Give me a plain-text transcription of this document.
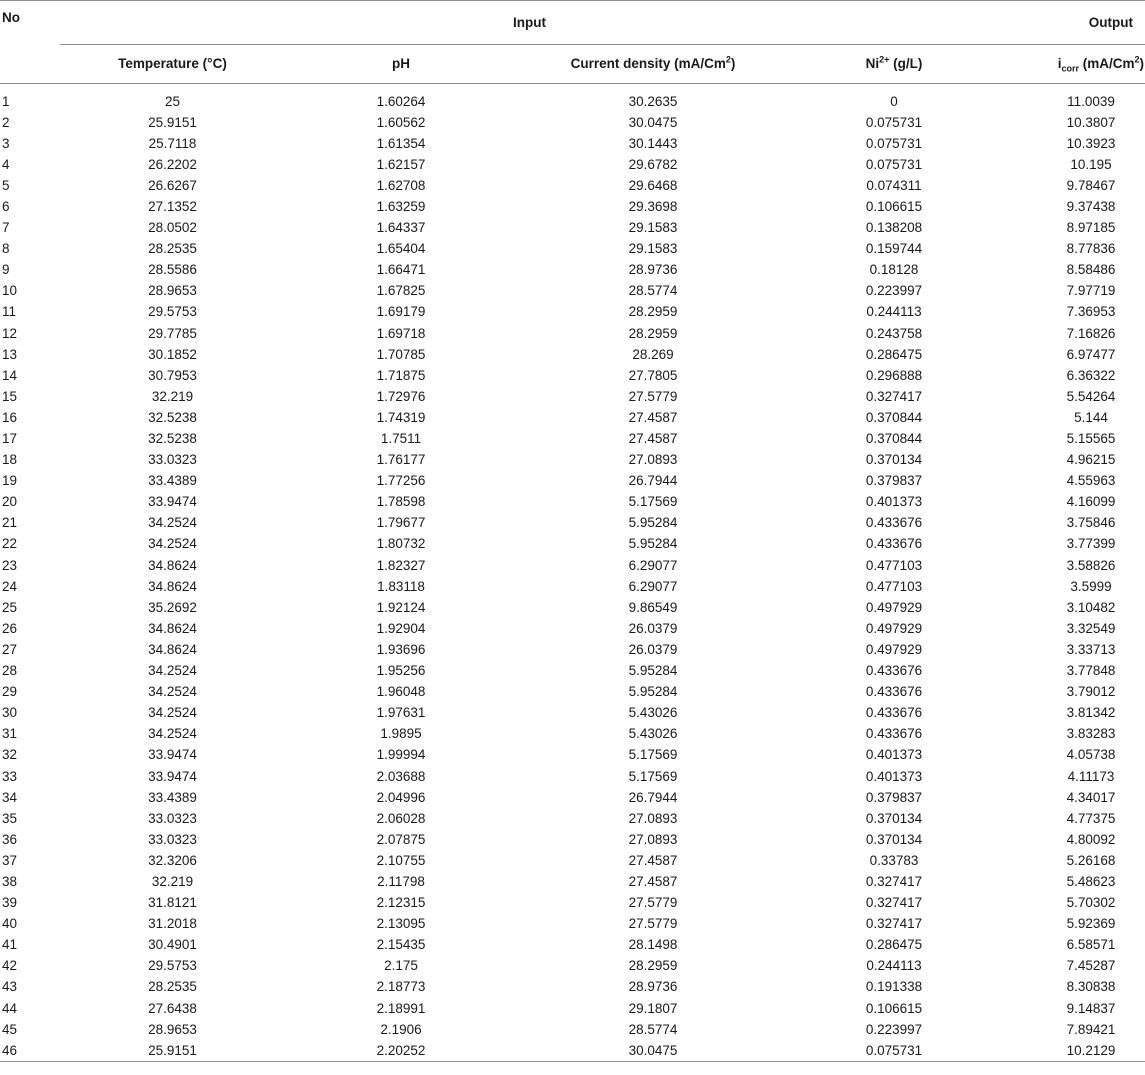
No	Input				Output
	Temperature (°C)	pH	Current density (mA/Cm$^2$)	$Ni^{2+}$ (g/L)	$i_{corr}$ (mA/Cm$^2$)

1	25	1.60264	30.2635	0	11.0039
2	25.9151	1.60562	30.0475	0.075731	10.3807
3	25.7118	1.61354	30.1443	0.075731	10.3923
4	26.2202	1.62157	29.6782	0.075731	10.195
5	26.6267	1.62708	29.6468	0.074311	9.78467
6	27.1352	1.63259	29.3698	0.106615	9.37438
7	28.0502	1.64337	29.1583	0.138208	8.97185
8	28.2535	1.65404	29.1583	0.159744	8.77836
9	28.5586	1.66471	28.9736	0.18128	8.58486
10	28.9653	1.67825	28.5774	0.223997	7.97719
11	29.5753	1.69179	28.2959	0.244113	7.36953
12	29.7785	1.69718	28.2959	0.243758	7.16826
13	30.1852	1.70785	28.269	0.286475	6.97477
14	30.7953	1.71875	27.7805	0.296888	6.36322
15	32.219	1.72976	27.5779	0.327417	5.54264
16	32.5238	1.74319	27.4587	0.370844	5.144
17	32.5238	1.7511	27.4587	0.370844	5.15565
18	33.0323	1.76177	27.0893	0.370134	4.96215
19	33.4389	1.77256	26.7944	0.379837	4.55963
20	33.9474	1.78598	5.17569	0.401373	4.16099
21	34.2524	1.79677	5.95284	0.433676	3.75846
22	34.2524	1.80732	5.95284	0.433676	3.77399
23	34.8624	1.82327	6.29077	0.477103	3.58826
24	34.8624	1.83118	6.29077	0.477103	3.5999
25	35.2692	1.92124	9.86549	0.497929	3.10482
26	34.8624	1.92904	26.0379	0.497929	3.32549
27	34.8624	1.93696	26.0379	0.497929	3.33713
28	34.2524	1.95256	5.95284	0.433676	3.77848
29	34.2524	1.96048	5.95284	0.433676	3.79012
30	34.2524	1.97631	5.43026	0.433676	3.81342
31	34.2524	1.9895	5.43026	0.433676	3.83283
32	33.9474	1.99994	5.17569	0.401373	4.05738
33	33.9474	2.03688	5.17569	0.401373	4.11173
34	33.4389	2.04996	26.7944	0.379837	4.34017
35	33.0323	2.06028	27.0893	0.370134	4.77375
36	33.0323	2.07875	27.0893	0.370134	4.80092
37	32.3206	2.10755	27.4587	0.33783	5.26168
38	32.219	2.11798	27.4587	0.327417	5.48623
39	31.8121	2.12315	27.5779	0.327417	5.70302
40	31.2018	2.13095	27.5779	0.327417	5.92369
41	30.4901	2.15435	28.1498	0.286475	6.58571
42	29.5753	2.175	28.2959	0.244113	7.45287
43	28.2535	2.18773	28.9736	0.191338	8.30838
44	27.6438	2.18991	29.1807	0.106615	9.14837
45	28.9653	2.1906	28.5774	0.223997	7.89421
46	25.9151	2.20252	30.0475	0.075731	10.2129
